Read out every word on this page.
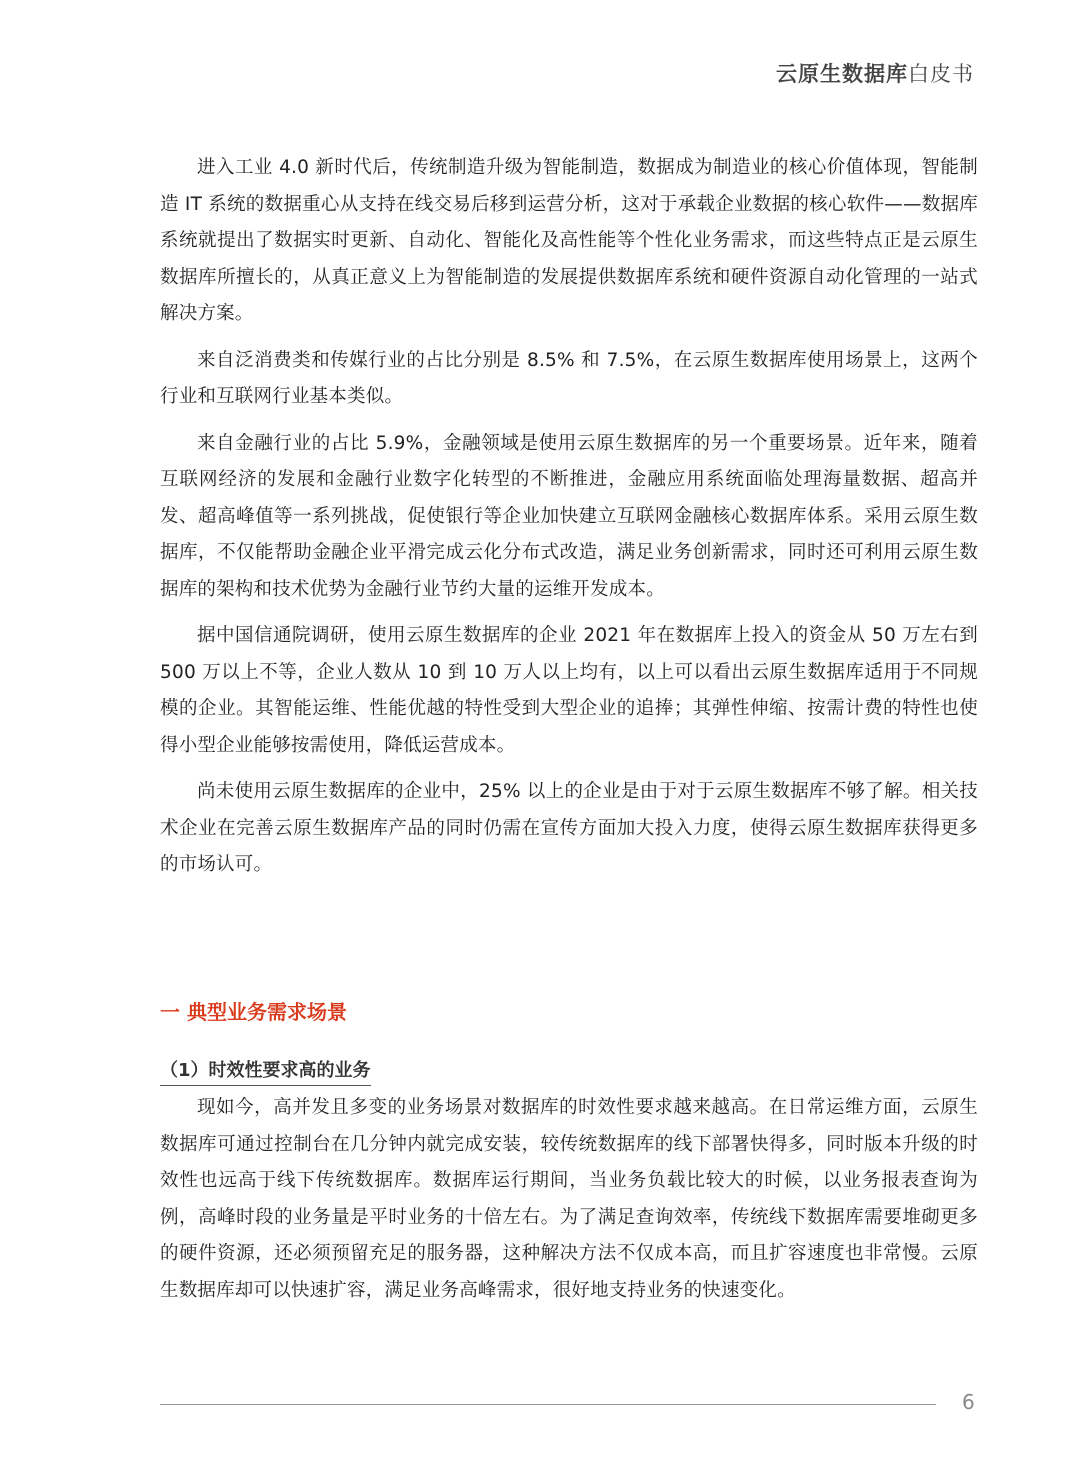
云原生数据库白皮书

进入工业 4.0 新时代后，传统制造升级为智能制造，数据成为制造业的核心价值体现，智能制造 IT 系统的数据重心从支持在线交易后移到运营分析，这对于承载企业数据的核心软件——数据库系统就提出了数据实时更新、自动化、智能化及高性能等个性化业务需求，而这些特点正是云原生数据库所擅长的，从真正意义上为智能制造的发展提供数据库系统和硬件资源自动化管理的一站式解决方案。

来自泛消费类和传媒行业的占比分别是 8.5% 和 7.5%，在云原生数据库使用场景上，这两个行业和互联网行业基本类似。

来自金融行业的占比 5.9%，金融领域是使用云原生数据库的另一个重要场景。近年来，随着互联网经济的发展和金融行业数字化转型的不断推进，金融应用系统面临处理海量数据、超高并发、超高峰值等一系列挑战，促使银行等企业加快建立互联网金融核心数据库体系。采用云原生数据库，不仅能帮助金融企业平滑完成云化分布式改造，满足业务创新需求，同时还可利用云原生数据库的架构和技术优势为金融行业节约大量的运维开发成本。

据中国信通院调研，使用云原生数据库的企业 2021 年在数据库上投入的资金从 50 万左右到 500 万以上不等，企业人数从 10 到 10 万人以上均有，以上可以看出云原生数据库适用于不同规模的企业。其智能运维、性能优越的特性受到大型企业的追捧；其弹性伸缩、按需计费的特性也使得小型企业能够按需使用，降低运营成本。

尚未使用云原生数据库的企业中，25% 以上的企业是由于对于云原生数据库不够了解。相关技术企业在完善云原生数据库产品的同时仍需在宣传方面加大投入力度，使得云原生数据库获得更多的市场认可。

一 典型业务需求场景
（1）时效性要求高的业务

现如今，高并发且多变的业务场景对数据库的时效性要求越来越高。在日常运维方面，云原生数据库可通过控制台在几分钟内就完成安装，较传统数据库的线下部署快得多，同时版本升级的时效性也远高于线下传统数据库。数据库运行期间，当业务负载比较大的时候，以业务报表查询为例，高峰时段的业务量是平时业务的十倍左右。为了满足查询效率，传统线下数据库需要堆砌更多的硬件资源，还必须预留充足的服务器，这种解决方法不仅成本高，而且扩容速度也非常慢。云原生数据库却可以快速扩容，满足业务高峰需求，很好地支持业务的快速变化。

6
